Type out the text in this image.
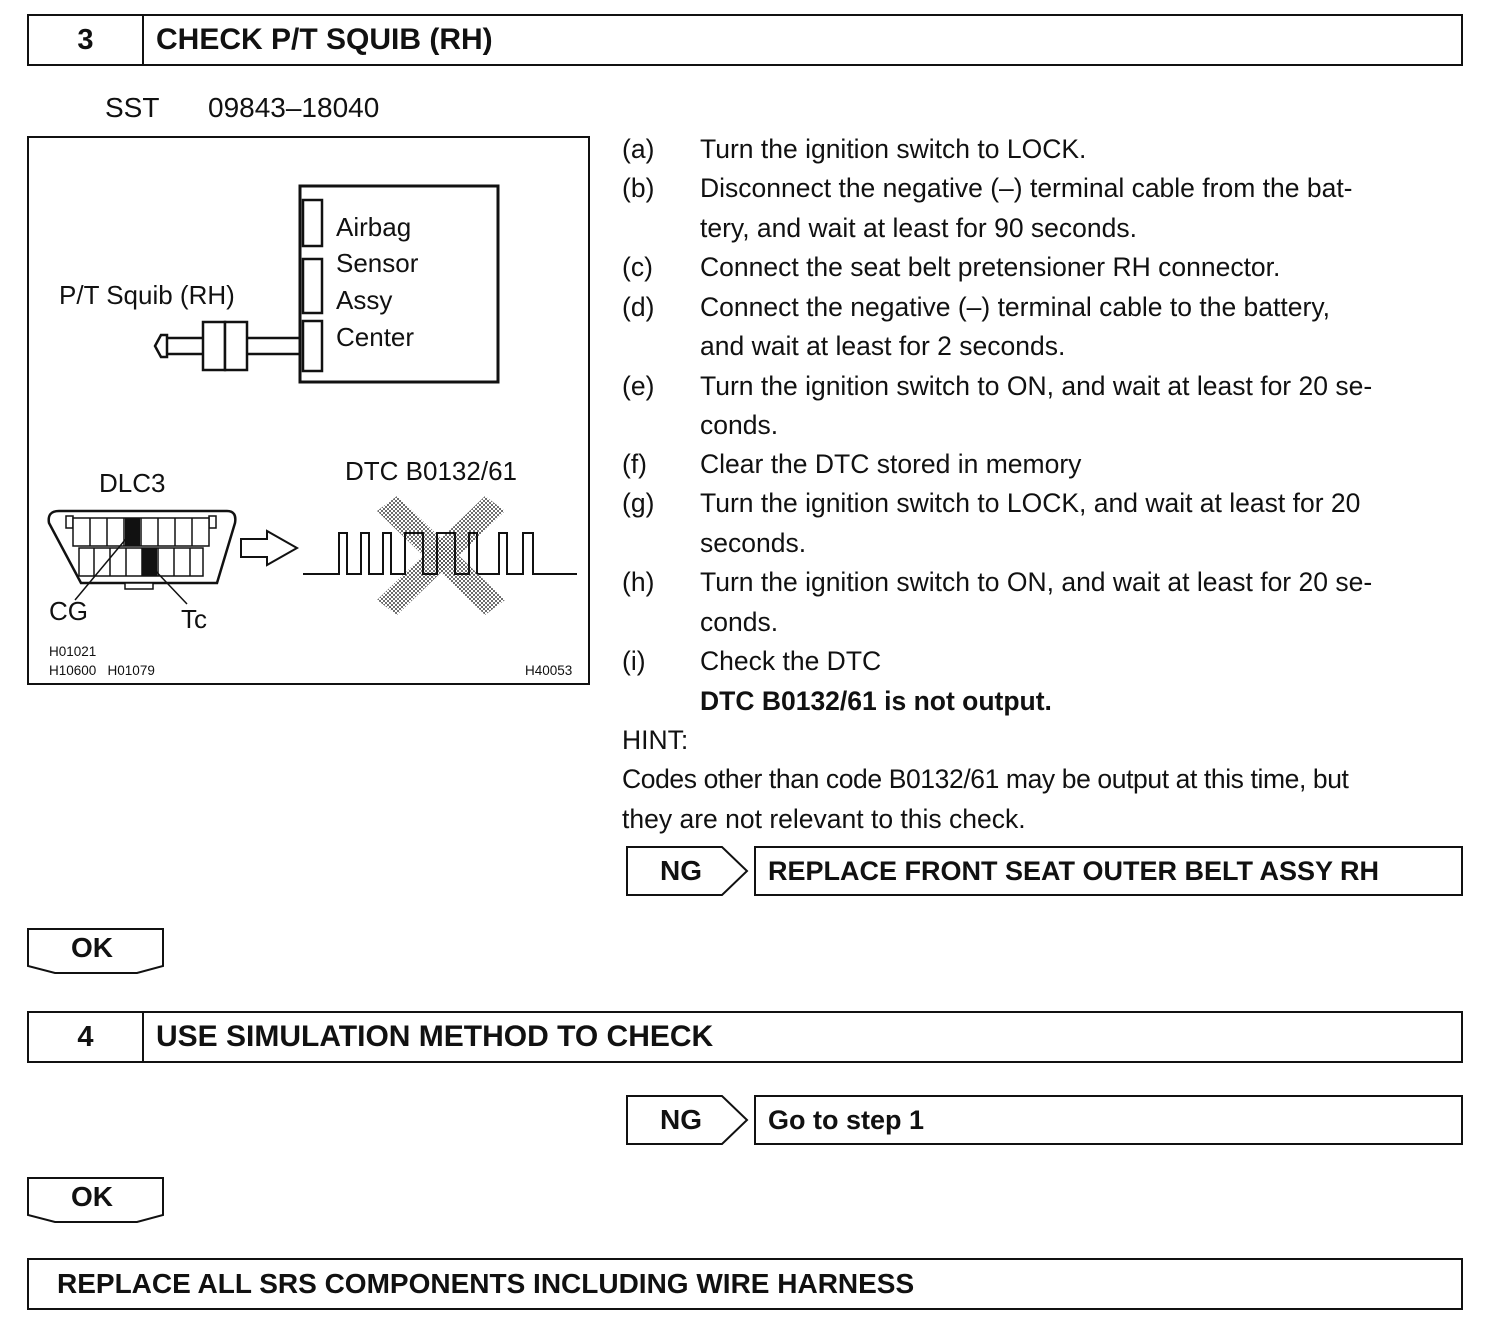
3	CHECK P/T SQUIB (RH)
SST 09843–18040
Airbag
Sensor
Assy
Center
P/T Squib (RH)
DLC3
CG	Tc
DTC B0132/61
H01021
H10600   H01079	H40053
(a) Turn the ignition switch to LOCK.
(b) Disconnect the negative (–) terminal cable from the bat-
tery, and wait at least for 90 seconds.
(c) Connect the seat belt pretensioner RH connector.
(d) Connect the negative (–) terminal cable to the battery,
and wait at least for 2 seconds.
(e) Turn the ignition switch to ON, and wait at least for 20 se-
conds.
(f) Clear the DTC stored in memory
(g) Turn the ignition switch to LOCK, and wait at least for 20
seconds.
(h) Turn the ignition switch to ON, and wait at least for 20 se-
conds.
(i) Check the DTC
DTC B0132/61 is not output.
HINT:
Codes other than code B0132/61 may be output at this time, but
they are not relevant to this check.
NG	REPLACE FRONT SEAT OUTER BELT ASSY RH
OK
4	USE SIMULATION METHOD TO CHECK
NG	Go to step 1
OK
REPLACE ALL SRS COMPONENTS INCLUDING WIRE HARNESS
